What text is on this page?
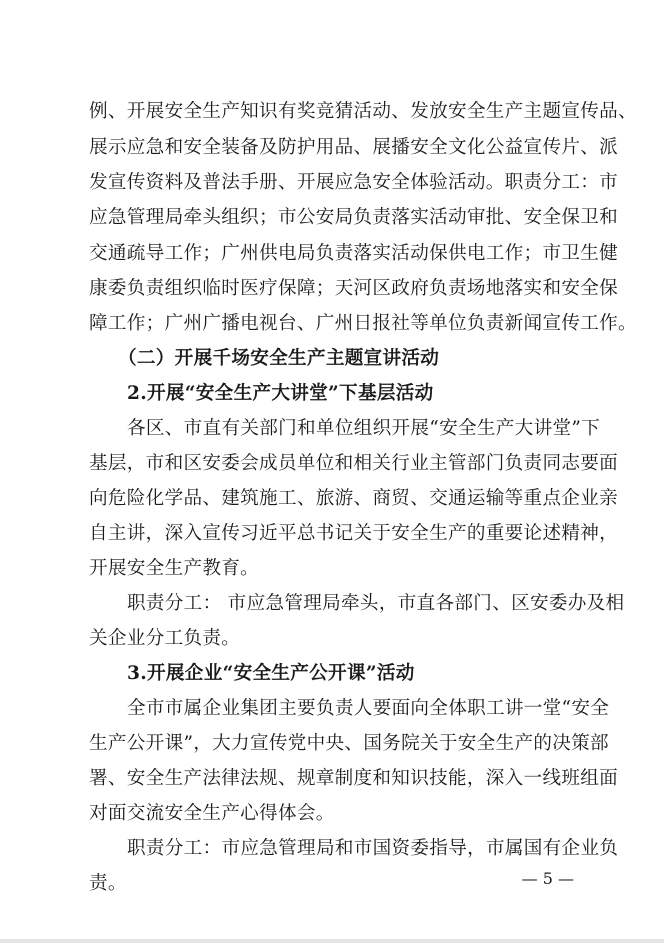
例、开展安全生产知识有奖竞猜活动、发放安全生产主题宣传品、
展示应急和安全装备及防护用品、展播安全文化公益宣传片、派
发宣传资料及普法手册、开展应急安全体验活动。职责分工：市
应急管理局牵头组织；市公安局负责落实活动审批、安全保卫和
交通疏导工作；广州供电局负责落实活动保供电工作；市卫生健
康委负责组织临时医疗保障；天河区政府负责场地落实和安全保
障工作；广州广播电视台、广州日报社等单位负责新闻宣传工作。
（二）开展千场安全生产主题宣讲活动
2.开展“安全生产大讲堂”下基层活动
各区、市直有关部门和单位组织开展“安全生产大讲堂”下
基层，市和区安委会成员单位和相关行业主管部门负责同志要面
向危险化学品、建筑施工、旅游、商贸、交通运输等重点企业亲
自主讲，深入宣传习近平总书记关于安全生产的重要论述精神，
开展安全生产教育。
职责分工： 市应急管理局牵头，市直各部门、区安委办及相
关企业分工负责。
3.开展企业“安全生产公开课”活动
全市市属企业集团主要负责人要面向全体职工讲一堂“安全
生产公开课”，大力宣传党中央、国务院关于安全生产的决策部
署、安全生产法律法规、规章制度和知识技能，深入一线班组面
对面交流安全生产心得体会。
职责分工：市应急管理局和市国资委指导，市属国有企业负
责。	— 5 —
